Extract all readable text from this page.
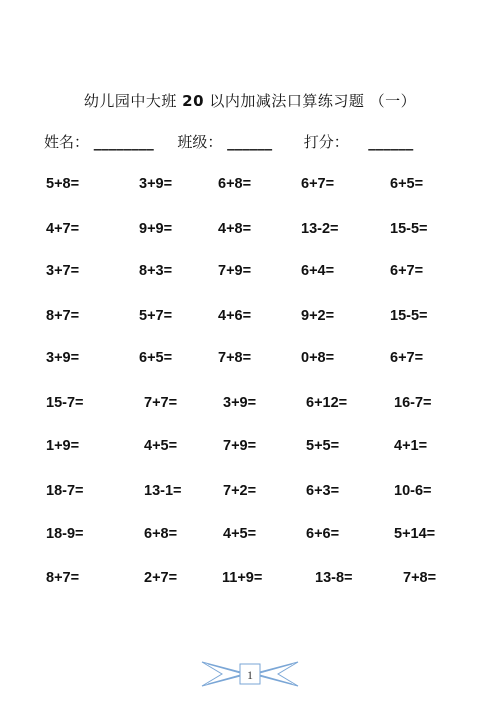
幼儿园中大班 20 以内加减法口算练习题 （一）
姓名： ________ 班级： ______ 打分： ______
5+8=	3+9=	6+8=	6+7=	6+5=
4+7=	9+9=	4+8=	13-2=	15-5=
3+7=	8+3=	7+9=	6+4=	6+7=
8+7=	5+7=	4+6=	9+2=	15-5=
3+9=	6+5=	7+8=	0+8=	6+7=
15-7=	7+7=	3+9=	6+12=	16-7=
1+9=	4+5=	7+9=	5+5=	4+1=
18-7=	13-1=	7+2=	6+3=	10-6=
18-9=	6+8=	4+5=	6+6=	5+14=
8+7=	2+7=	11+9=	13-8=	7+8=
1
